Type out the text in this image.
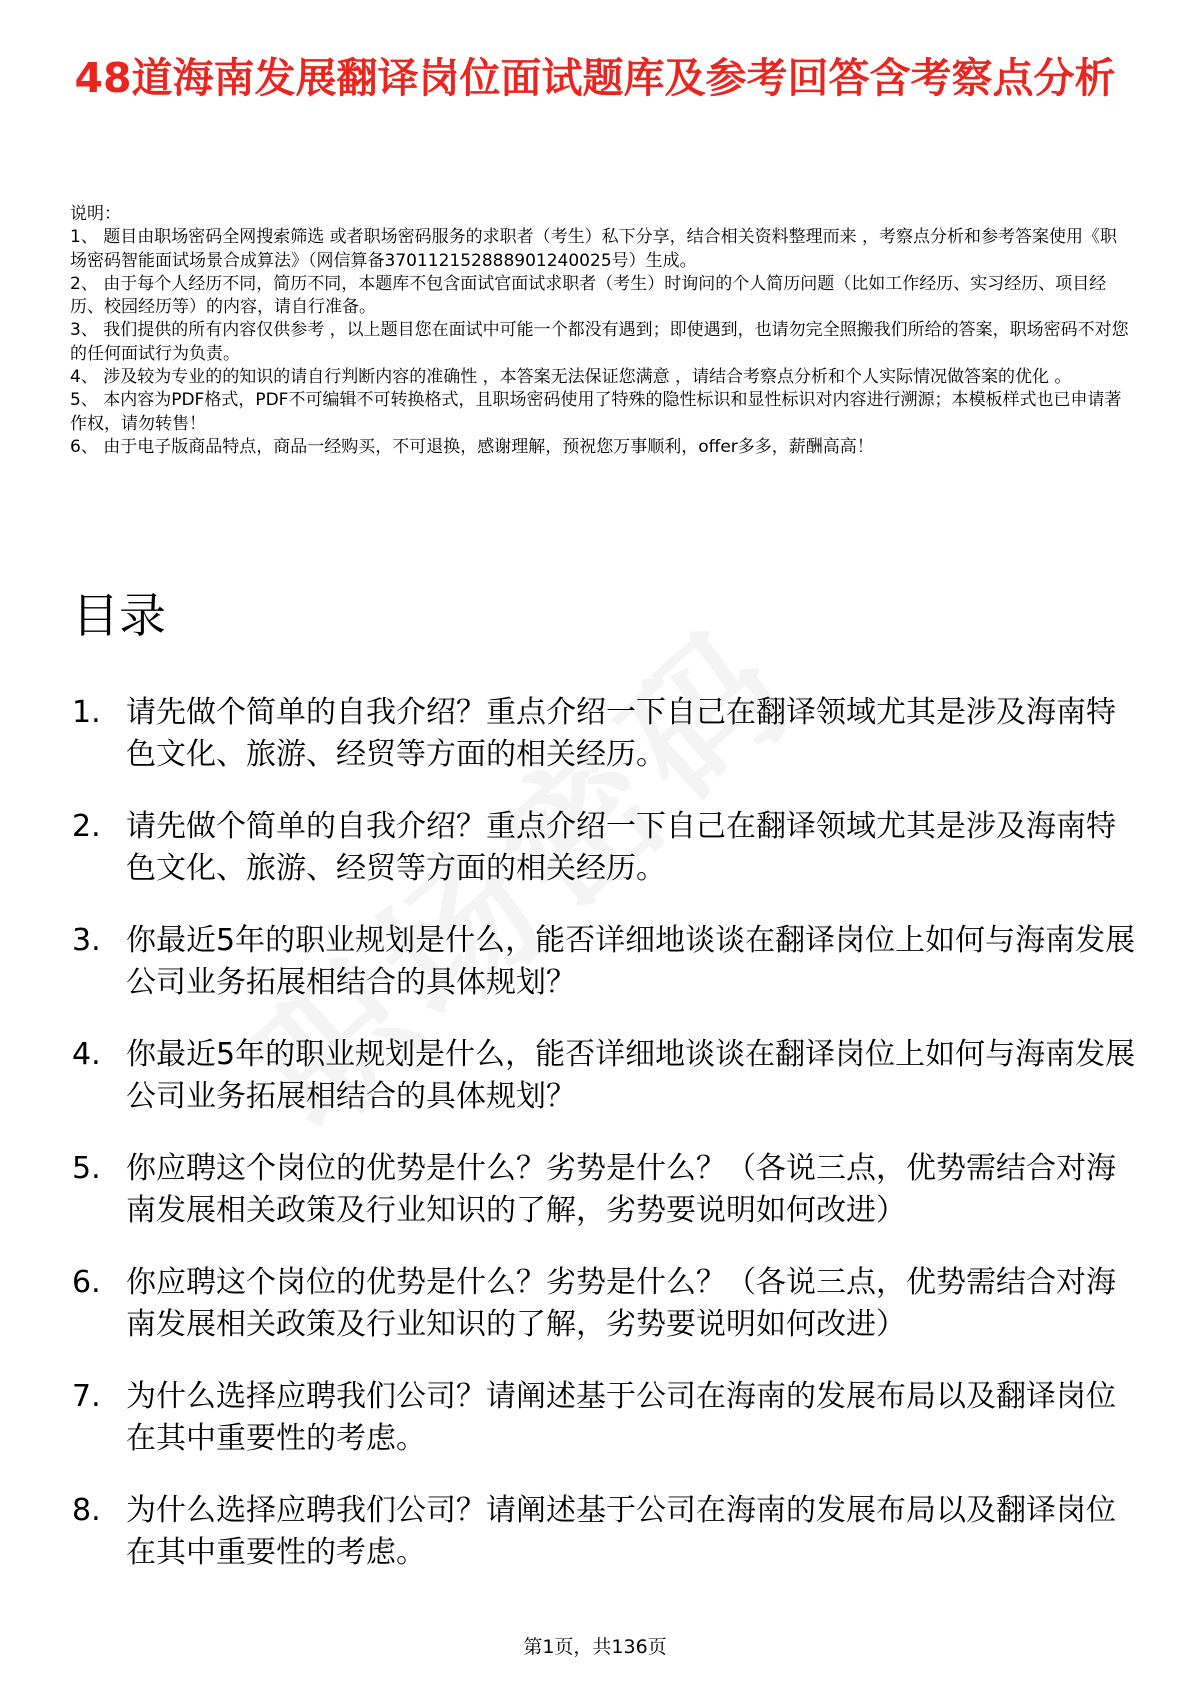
48道海南发展翻译岗位面试题库及参考回答含考察点分析
说明：
1、 题目由职场密码全网搜索筛选 或者职场密码服务的求职者（考生）私下分享，结合相关资料整理而来 ，考察点分析和参考答案使用《职场密码智能面试场景合成算法》（网信算备370112152888901240025号）生成。
2、 由于每个人经历不同，简历不同，本题库不包含面试官面试求职者（考生）时询问的个人简历问题（比如工作经历、实习经历、项目经历、校园经历等）的内容，请自行准备。
3、 我们提供的所有内容仅供参考 ，以上题目您在面试中可能一个都没有遇到；即使遇到，也请勿完全照搬我们所给的答案，职场密码不对您的任何面试行为负责。
4、 涉及较为专业的的知识的请自行判断内容的准确性 ，本答案无法保证您满意 ，请结合考察点分析和个人实际情况做答案的优化 。
5、 本内容为PDF格式，PDF不可编辑不可转换格式，且职场密码使用了特殊的隐性标识和显性标识对内容进行溯源；本模板样式也已申请著作权，请勿转售！
6、 由于电子版商品特点，商品一经购买，不可退换，感谢理解，预祝您万事顺利，offer多多，薪酬高高！
目录
1. 请先做个简单的自我介绍？重点介绍一下自己在翻译领域尤其是涉及海南特色文化、旅游、经贸等方面的相关经历。
2. 请先做个简单的自我介绍？重点介绍一下自己在翻译领域尤其是涉及海南特色文化、旅游、经贸等方面的相关经历。
3. 你最近5年的职业规划是什么，能否详细地谈谈在翻译岗位上如何与海南发展公司业务拓展相结合的具体规划？
4. 你最近5年的职业规划是什么，能否详细地谈谈在翻译岗位上如何与海南发展公司业务拓展相结合的具体规划？
5. 你应聘这个岗位的优势是什么？劣势是什么？（各说三点，优势需结合对海南发展相关政策及行业知识的了解，劣势要说明如何改进）
6. 你应聘这个岗位的优势是什么？劣势是什么？（各说三点，优势需结合对海南发展相关政策及行业知识的了解，劣势要说明如何改进）
7. 为什么选择应聘我们公司？请阐述基于公司在海南的发展布局以及翻译岗位在其中重要性的考虑。
8. 为什么选择应聘我们公司？请阐述基于公司在海南的发展布局以及翻译岗位在其中重要性的考虑。
第1页，共136页
